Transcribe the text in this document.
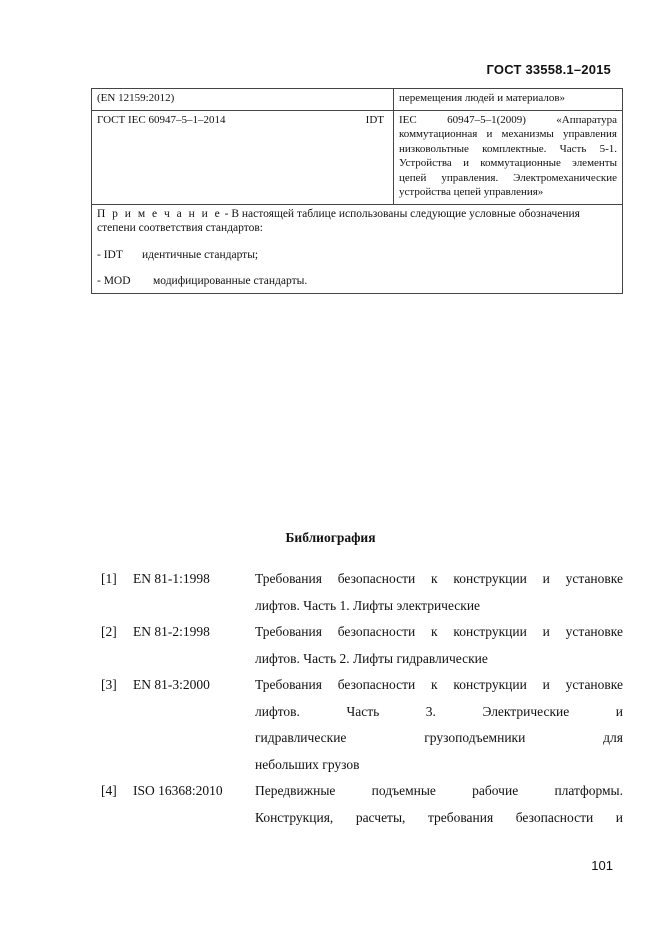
ГОСТ 33558.1–2015
(EN 12159:2012)	перемещения людей и материалов»
ГОСТ IEC 60947–5–1–2014 IDT	IEC 60947–5–1(2009) «Аппаратура коммутационная и механизмы управления низковольтные комплектные. Часть 5-1. Устройства и коммутационные элементы цепей управления. Электромеханические устройства цепей управления»

П р и м е ч а н и е - В настоящей таблице использованы следующие условные обозначения степени соответствия стандартов:
- IDT идентичные стандарты;
- MOD модифицированные стандарты.	
Библиография
[1]	EN 81-1:1998	Требования безопасности к конструкции и установке
лифтов. Часть 1. Лифты электрические
[2]	EN 81-2:1998	Требования безопасности к конструкции и установке
лифтов. Часть 2. Лифты гидравлические
[3]	EN 81-3:2000	Требования безопасности к конструкции и установке
лифтов. Часть 3. Электрические и
гидравлические грузоподъемники для
небольших грузов
[4]	ISO 16368:2010	Передвижные подъемные рабочие платформы.
Конструкция, расчеты, требования безопасности и
101
